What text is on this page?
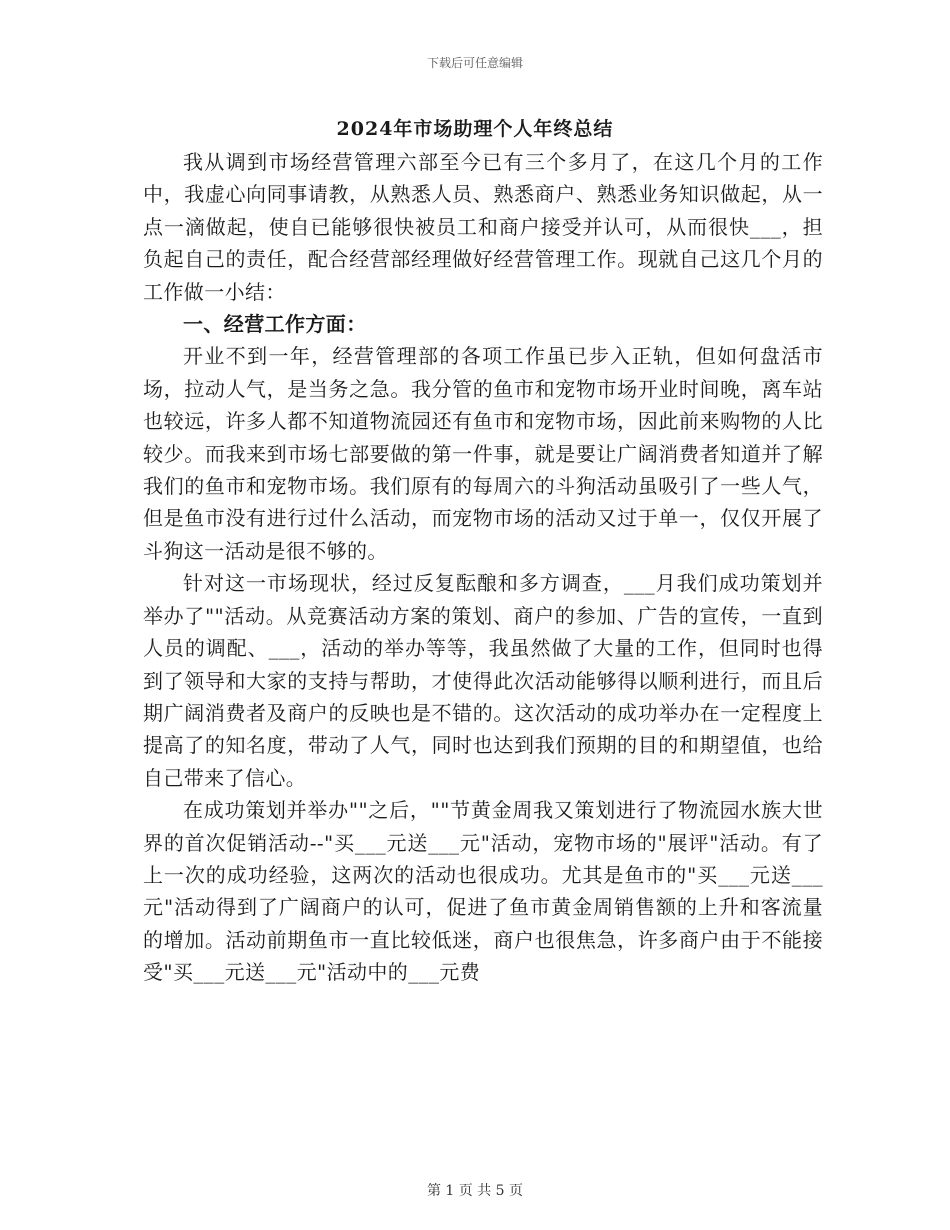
下载后可任意编辑
2024年市场助理个人年终总结

我从调到市场经营管理六部至今已有三个多月了，在这几个月的工作中，我虚心向同事请教，从熟悉人员、熟悉商户、熟悉业务知识做起，从一点一滴做起，使自已能够很快被员工和商户接受并认可，从而很快___，担负起自己的责任，配合经营部经理做好经营管理工作。现就自己这几个月的工作做一小结：

一、经营工作方面：

开业不到一年，经营管理部的各项工作虽已步入正轨，但如何盘活市场，拉动人气，是当务之急。我分管的鱼市和宠物市场开业时间晚，离车站也较远，许多人都不知道物流园还有鱼市和宠物市场，因此前来购物的人比较少。而我来到市场七部要做的第一件事，就是要让广阔消费者知道并了解我们的鱼市和宠物市场。我们原有的每周六的斗狗活动虽吸引了一些人气，但是鱼市没有进行过什么活动，而宠物市场的活动又过于单一，仅仅开展了斗狗这一活动是很不够的。

针对这一市场现状，经过反复酝酿和多方调查，___月我们成功策划并举办了""活动。从竞赛活动方案的策划、商户的参加、广告的宣传，一直到人员的调配、___，活动的举办等等，我虽然做了大量的工作，但同时也得到了领导和大家的支持与帮助，才使得此次活动能够得以顺利进行，而且后期广阔消费者及商户的反映也是不错的。这次活动的成功举办在一定程度上提高了的知名度，带动了人气，同时也达到我们预期的目的和期望值，也给自己带来了信心。

在成功策划并举办""之后，""节黄金周我又策划进行了物流园水族大世界的首次促销活动--"买___元送___元"活动，宠物市场的"展评"活动。有了上一次的成功经验，这两次的活动也很成功。尤其是鱼市的"买___元送___元"活动得到了广阔商户的认可，促进了鱼市黄金周销售额的上升和客流量的增加。活动前期鱼市一直比较低迷，商户也很焦急，许多商户由于不能接受"买___元送___元"活动中的___元费

第 1 页 共 5 页
